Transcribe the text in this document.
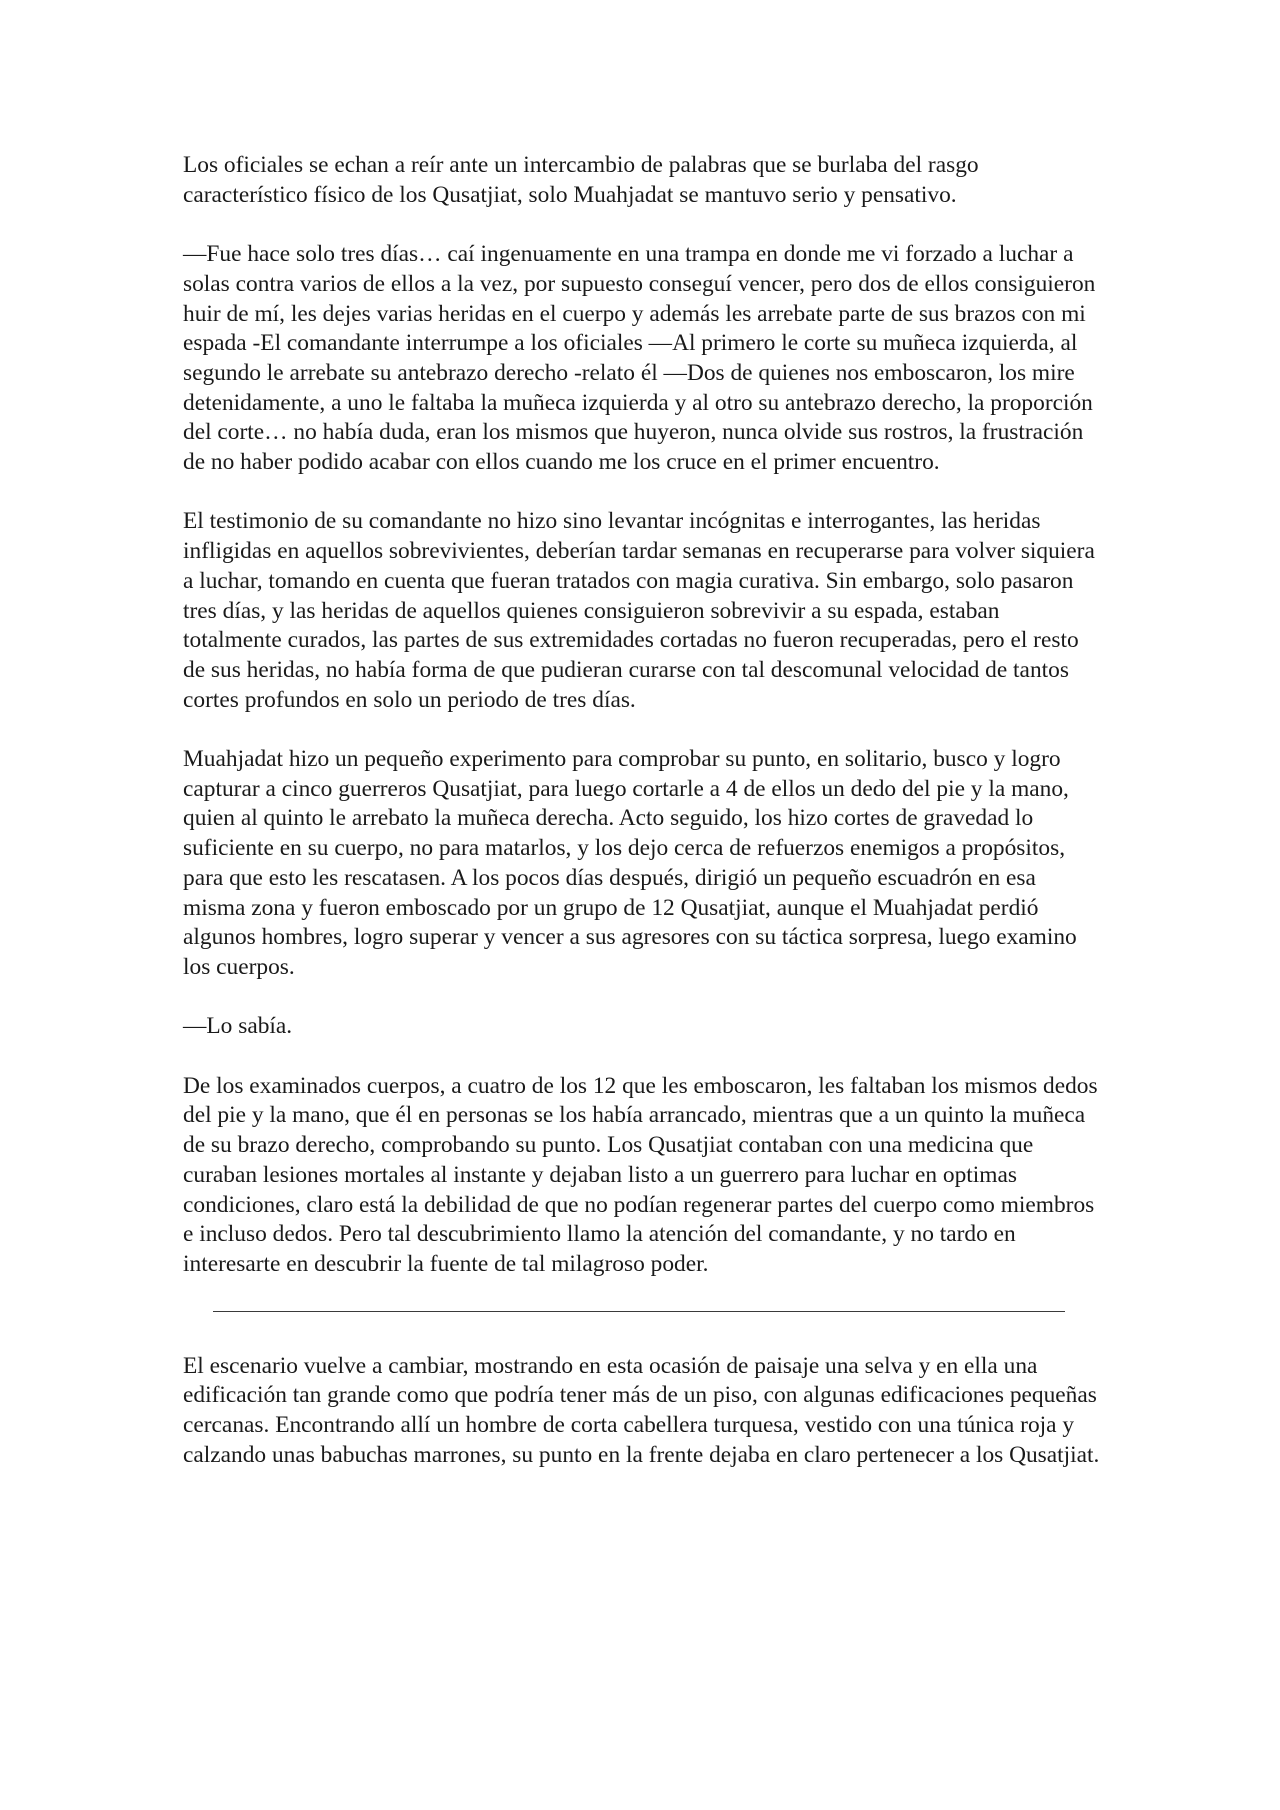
Los oficiales se echan a reír ante un intercambio de palabras que se burlaba del rasgo característico físico de los Qusatjiat, solo Muahjadat se mantuvo serio y pensativo.

—Fue hace solo tres días… caí ingenuamente en una trampa en donde me vi forzado a luchar a solas contra varios de ellos a la vez, por supuesto conseguí vencer, pero dos de ellos consiguieron huir de mí, les dejes varias heridas en el cuerpo y además les arrebate parte de sus brazos con mi espada -El comandante interrumpe a los oficiales —Al primero le corte su muñeca izquierda, al segundo le arrebate su antebrazo derecho -relato él —Dos de quienes nos emboscaron, los mire detenidamente, a uno le faltaba la muñeca izquierda y al otro su antebrazo derecho, la proporción del corte… no había duda, eran los mismos que huyeron, nunca olvide sus rostros, la frustración de no haber podido acabar con ellos cuando me los cruce en el primer encuentro.

El testimonio de su comandante no hizo sino levantar incógnitas e interrogantes, las heridas infligidas en aquellos sobrevivientes, deberían tardar semanas en recuperarse para volver siquiera a luchar, tomando en cuenta que fueran tratados con magia curativa. Sin embargo, solo pasaron tres días, y las heridas de aquellos quienes consiguieron sobrevivir a su espada, estaban totalmente curados, las partes de sus extremidades cortadas no fueron recuperadas, pero el resto de sus heridas, no había forma de que pudieran curarse con tal descomunal velocidad de tantos cortes profundos en solo un periodo de tres días.

Muahjadat hizo un pequeño experimento para comprobar su punto, en solitario, busco y logro capturar a cinco guerreros Qusatjiat, para luego cortarle a 4 de ellos un dedo del pie y la mano, quien al quinto le arrebato la muñeca derecha. Acto seguido, los hizo cortes de gravedad lo suficiente en su cuerpo, no para matarlos, y los dejo cerca de refuerzos enemigos a propósitos, para que esto les rescatasen. A los pocos días después, dirigió un pequeño escuadrón en esa misma zona y fueron emboscado por un grupo de 12 Qusatjiat, aunque el Muahjadat perdió algunos hombres, logro superar y vencer a sus agresores con su táctica sorpresa, luego examino los cuerpos.

—Lo sabía.

De los examinados cuerpos, a cuatro de los 12 que les emboscaron, les faltaban los mismos dedos del pie y la mano, que él en personas se los había arrancado, mientras que a un quinto la muñeca de su brazo derecho, comprobando su punto. Los Qusatjiat contaban con una medicina que curaban lesiones mortales al instante y dejaban listo a un guerrero para luchar en optimas condiciones, claro está la debilidad de que no podían regenerar partes del cuerpo como miembros e incluso dedos. Pero tal descubrimiento llamo la atención del comandante, y no tardo en interesarte en descubrir la fuente de tal milagroso poder.

El escenario vuelve a cambiar, mostrando en esta ocasión de paisaje una selva y en ella una edificación tan grande como que podría tener más de un piso, con algunas edificaciones pequeñas cercanas. Encontrando allí un hombre de corta cabellera turquesa, vestido con una túnica roja y calzando unas babuchas marrones, su punto en la frente dejaba en claro pertenecer a los Qusatjiat.
